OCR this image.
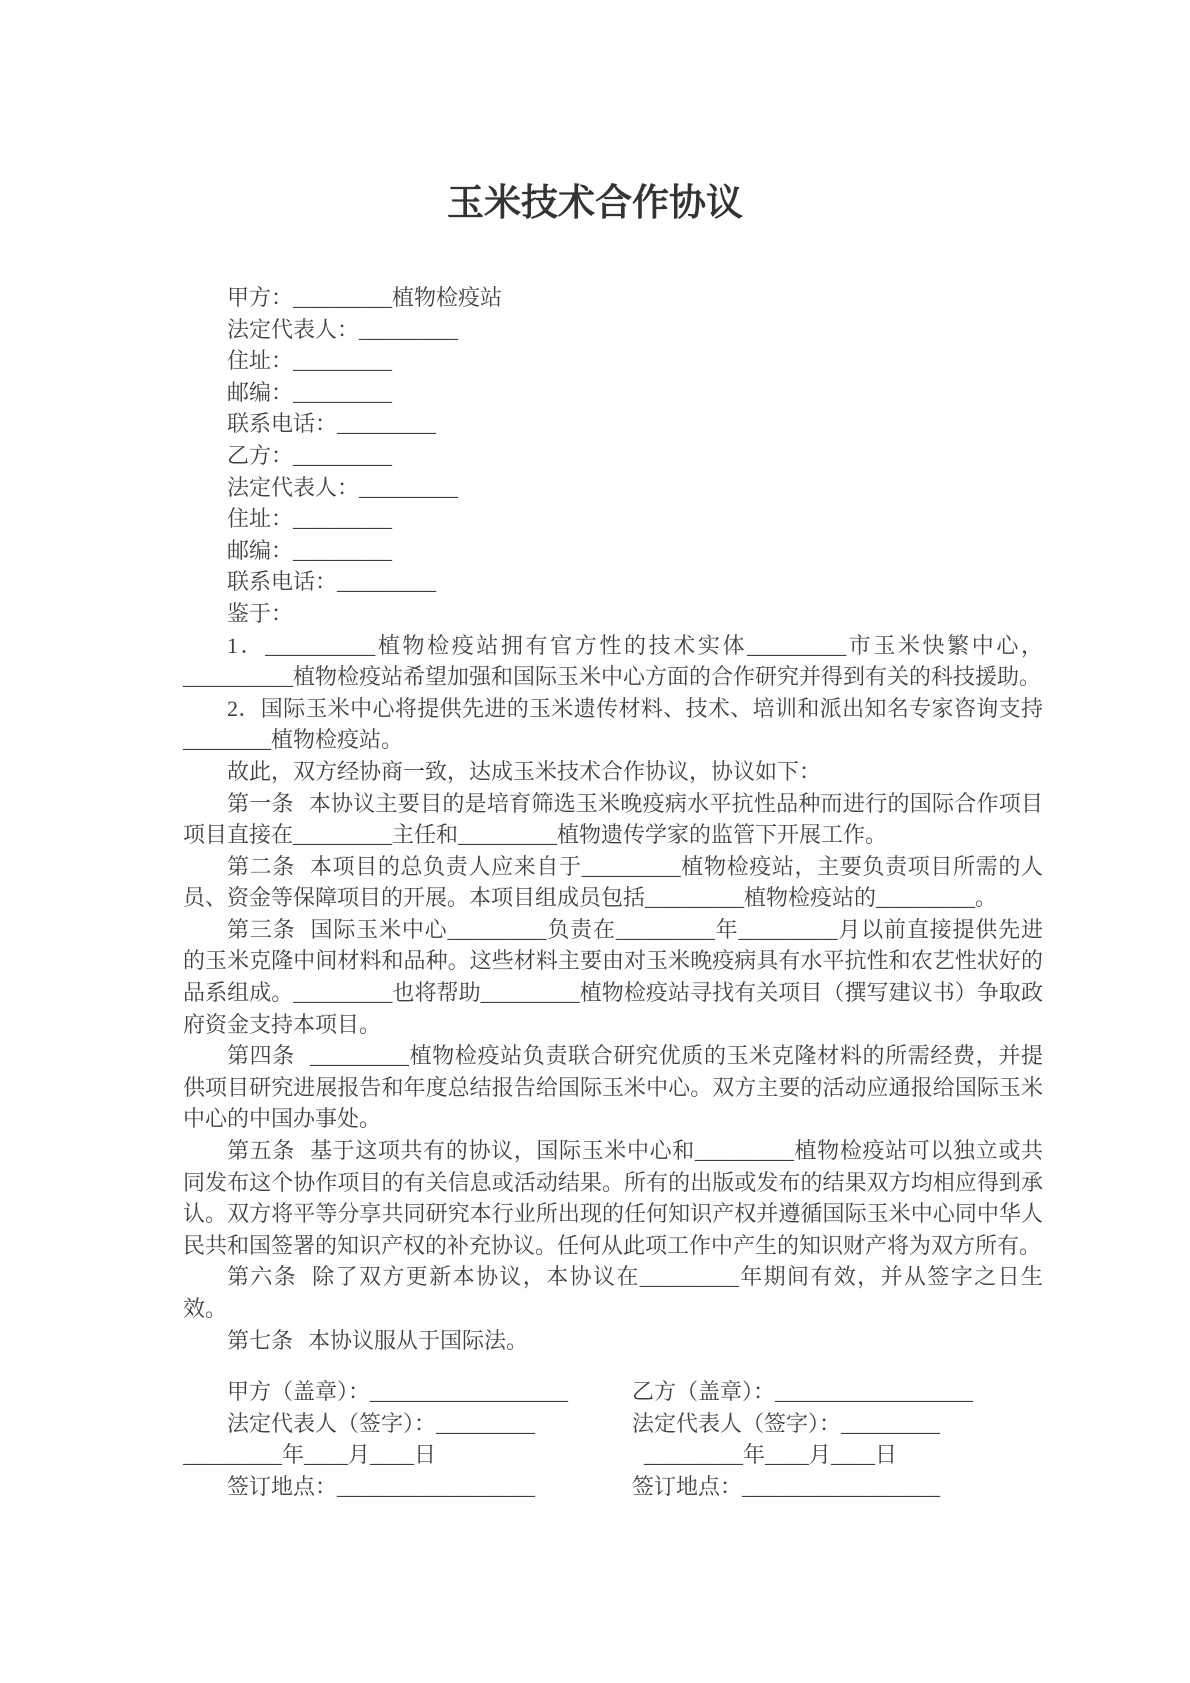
玉米技术合作协议

甲方：_________植物检疫站

法定代表人：_________

住址：_________

邮编：_________

联系电话：_________

乙方：_________

法定代表人：_________

住址：_________

邮编：_________

联系电话：_________

鉴于：

1．__________植物检疫站拥有官方性的技术实体_________市玉米快繁中心，__________植物检疫站希望加强和国际玉米中心方面的合作研究并得到有关的科技援助。

2．国际玉米中心将提供先进的玉米遗传材料、技术、培训和派出知名专家咨询支持________植物检疫站。

故此，双方经协商一致，达成玉米技术合作协议，协议如下：

第一条 本协议主要目的是培育筛选玉米晚疫病水平抗性品种而进行的国际合作项目项目直接在_________主任和_________植物遗传学家的监管下开展工作。

第二条 本项目的总负责人应来自于_________植物检疫站，主要负责项目所需的人员、资金等保障项目的开展。本项目组成员包括_________植物检疫站的_________。

第三条 国际玉米中心_________负责在_________年_________月以前直接提供先进的玉米克隆中间材料和品种。这些材料主要由对玉米晚疫病具有水平抗性和农艺性状好的品系组成。_________也将帮助_________植物检疫站寻找有关项目（撰写建议书）争取政府资金支持本项目。

第四条 _________植物检疫站负责联合研究优质的玉米克隆材料的所需经费，并提供项目研究进展报告和年度总结报告给国际玉米中心。双方主要的活动应通报给国际玉米中心的中国办事处。

第五条 基于这项共有的协议，国际玉米中心和_________植物检疫站可以独立或共同发布这个协作项目的有关信息或活动结果。所有的出版或发布的结果双方均相应得到承认。双方将平等分享共同研究本行业所出现的任何知识产权并遵循国际玉米中心同中华人民共和国签署的知识产权的补充协议。任何从此项工作中产生的知识财产将为双方所有。

第六条 除了双方更新本协议，本协议在_________年期间有效，并从签字之日生效。

第七条 本协议服从于国际法。

甲方（盖章）：__________________

法定代表人（签字）：_________

_________年____月____日

签订地点：__________________

乙方（盖章）：__________________

法定代表人（签字）：_________

_________年____月____日

签订地点：__________________
